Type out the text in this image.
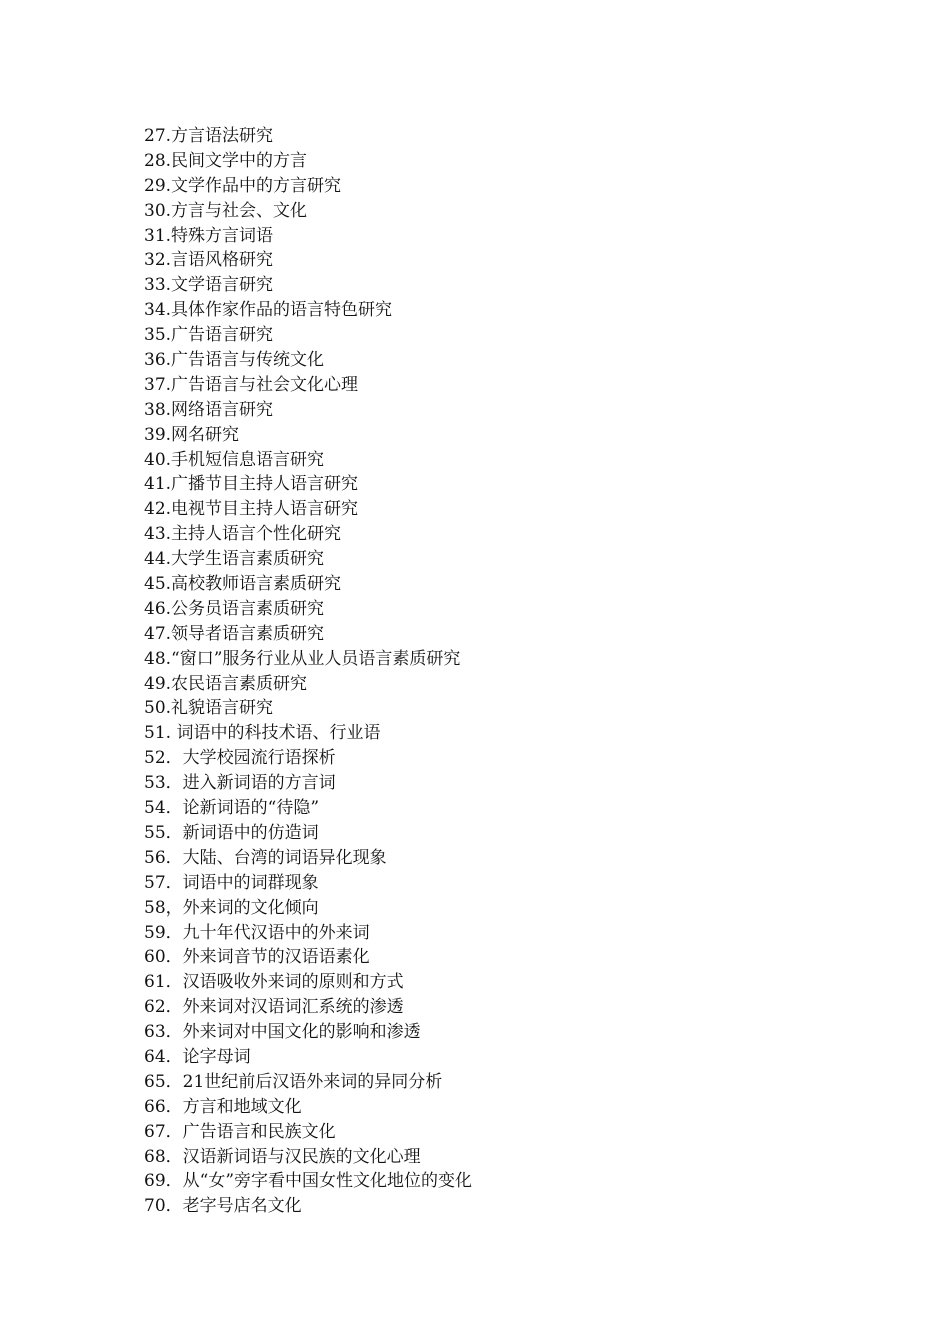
27.方言语法研究
28.民间文学中的方言
29.文学作品中的方言研究
30.方言与社会、文化
31.特殊方言词语
32.言语风格研究
33.文学语言研究
34.具体作家作品的语言特色研究
35.广告语言研究
36.广告语言与传统文化
37.广告语言与社会文化心理
38.网络语言研究
39.网名研究
40.手机短信息语言研究
41.广播节目主持人语言研究
42.电视节目主持人语言研究
43.主持人语言个性化研究
44.大学生语言素质研究
45.高校教师语言素质研究
46.公务员语言素质研究
47.领导者语言素质研究
48.“窗口”服务行业从业人员语言素质研究
49.农民语言素质研究
50.礼貌语言研究
51. 词语中的科技术语、行业语
52．大学校园流行语探析
53．进入新词语的方言词
54．论新词语的“待隐”
55．新词语中的仿造词
56．大陆、台湾的词语异化现象
57．词语中的词群现象
58，外来词的文化倾向
59．九十年代汉语中的外来词
60．外来词音节的汉语语素化
61．汉语吸收外来词的原则和方式
62．外来词对汉语词汇系统的渗透
63．外来词对中国文化的影响和渗透
64．论字母词
65．21世纪前后汉语外来词的异同分析
66．方言和地域文化
67．广告语言和民族文化
68．汉语新词语与汉民族的文化心理
69．从“女”旁字看中国女性文化地位的变化
70．老字号店名文化
